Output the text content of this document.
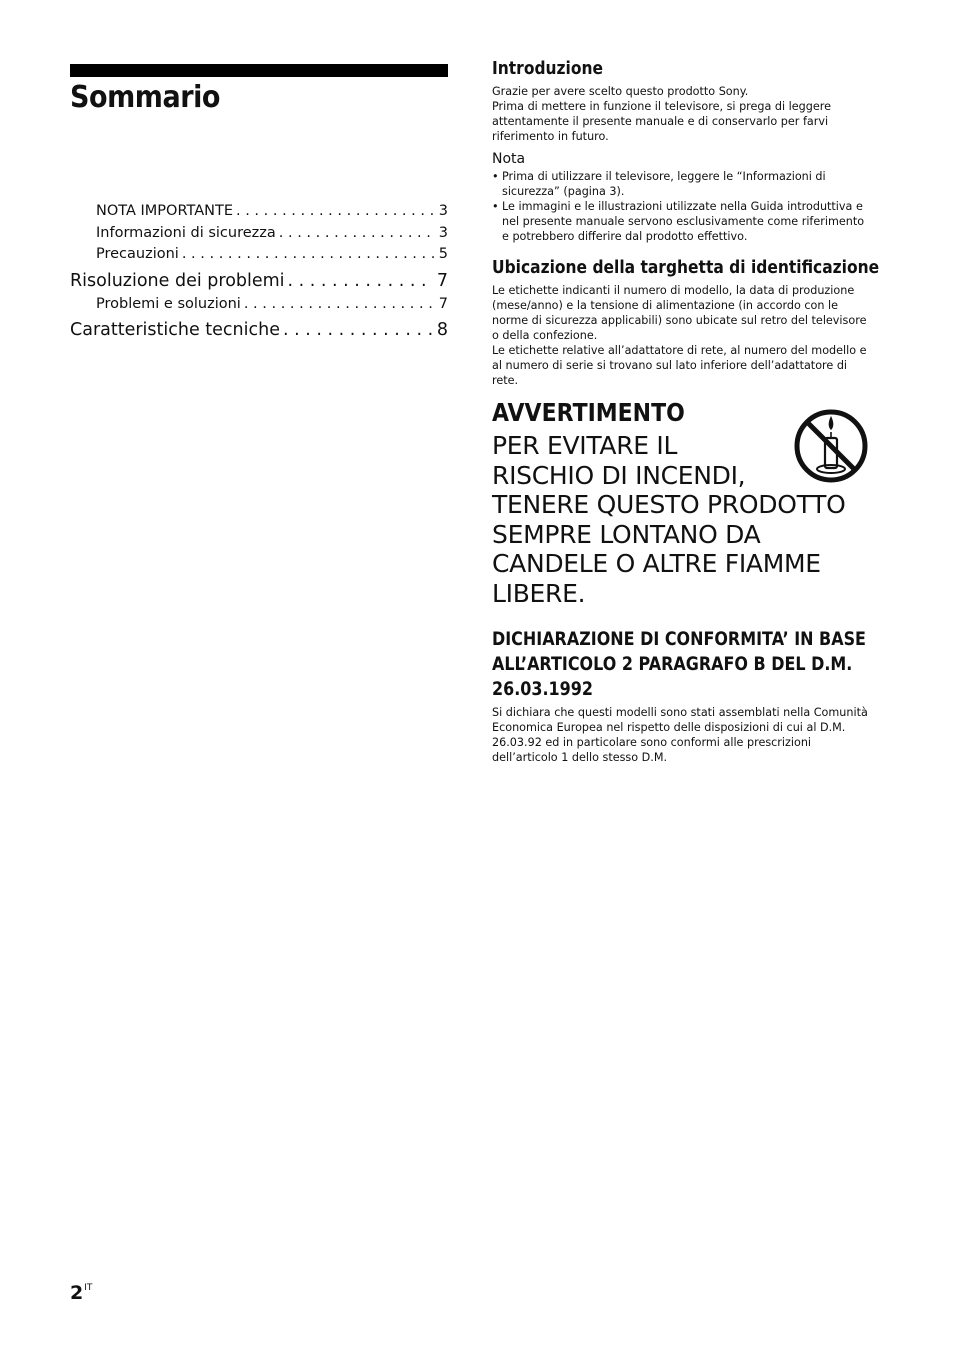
Sommario
NOTA IMPORTANTE . . .	3
Informazioni di sicurezza . . .	3
Precauzioni . . .	5
Risoluzione dei problemi . . .	7
Problemi e soluzioni . . .	7
Caratteristiche tecniche . . .	8
Introduzione

Grazie per avere scelto questo prodotto Sony.

Prima di mettere in funzione il televisore, si prega di leggere attentamente il presente manuale e di conservarlo per farvi riferimento in futuro.

Nota

• Prima di utilizzare il televisore, leggere le “Informazioni di sicurezza” (pagina 3).
• Le immagini e le illustrazioni utilizzate nella Guida introduttiva e nel presente manuale servono esclusivamente come riferimento e potrebbero differire dal prodotto effettivo.
Ubicazione della targhetta di identificazione

Le etichette indicanti il numero di modello, la data di produzione (mese/anno) e la tensione di alimentazione (in accordo con le norme di sicurezza applicabili) sono ubicate sul retro del televisore o della confezione.

Le etichette relative all’adattatore di rete, al numero del modello e al numero di serie si trovano sul lato inferiore dell’adattatore di rete.

AVVERTIMENTO

PER EVITARE IL
RISCHIO DI INCENDI,
TENERE QUESTO PRODOTTO
SEMPRE LONTANO DA
CANDELE O ALTRE FIAMME
LIBERE.

DICHIARAZIONE DI CONFORMITA’ IN BASE ALL’ARTICOLO 2 PARAGRAFO B DEL D.M. 26.03.1992

Si dichiara che questi modelli sono stati assemblati nella Comunità Economica Europea nel rispetto delle disposizioni di cui al D.M. 26.03.92 ed in particolare sono conformi alle prescrizioni dell’articolo 1 dello stesso D.M.

$2^{IT}$
